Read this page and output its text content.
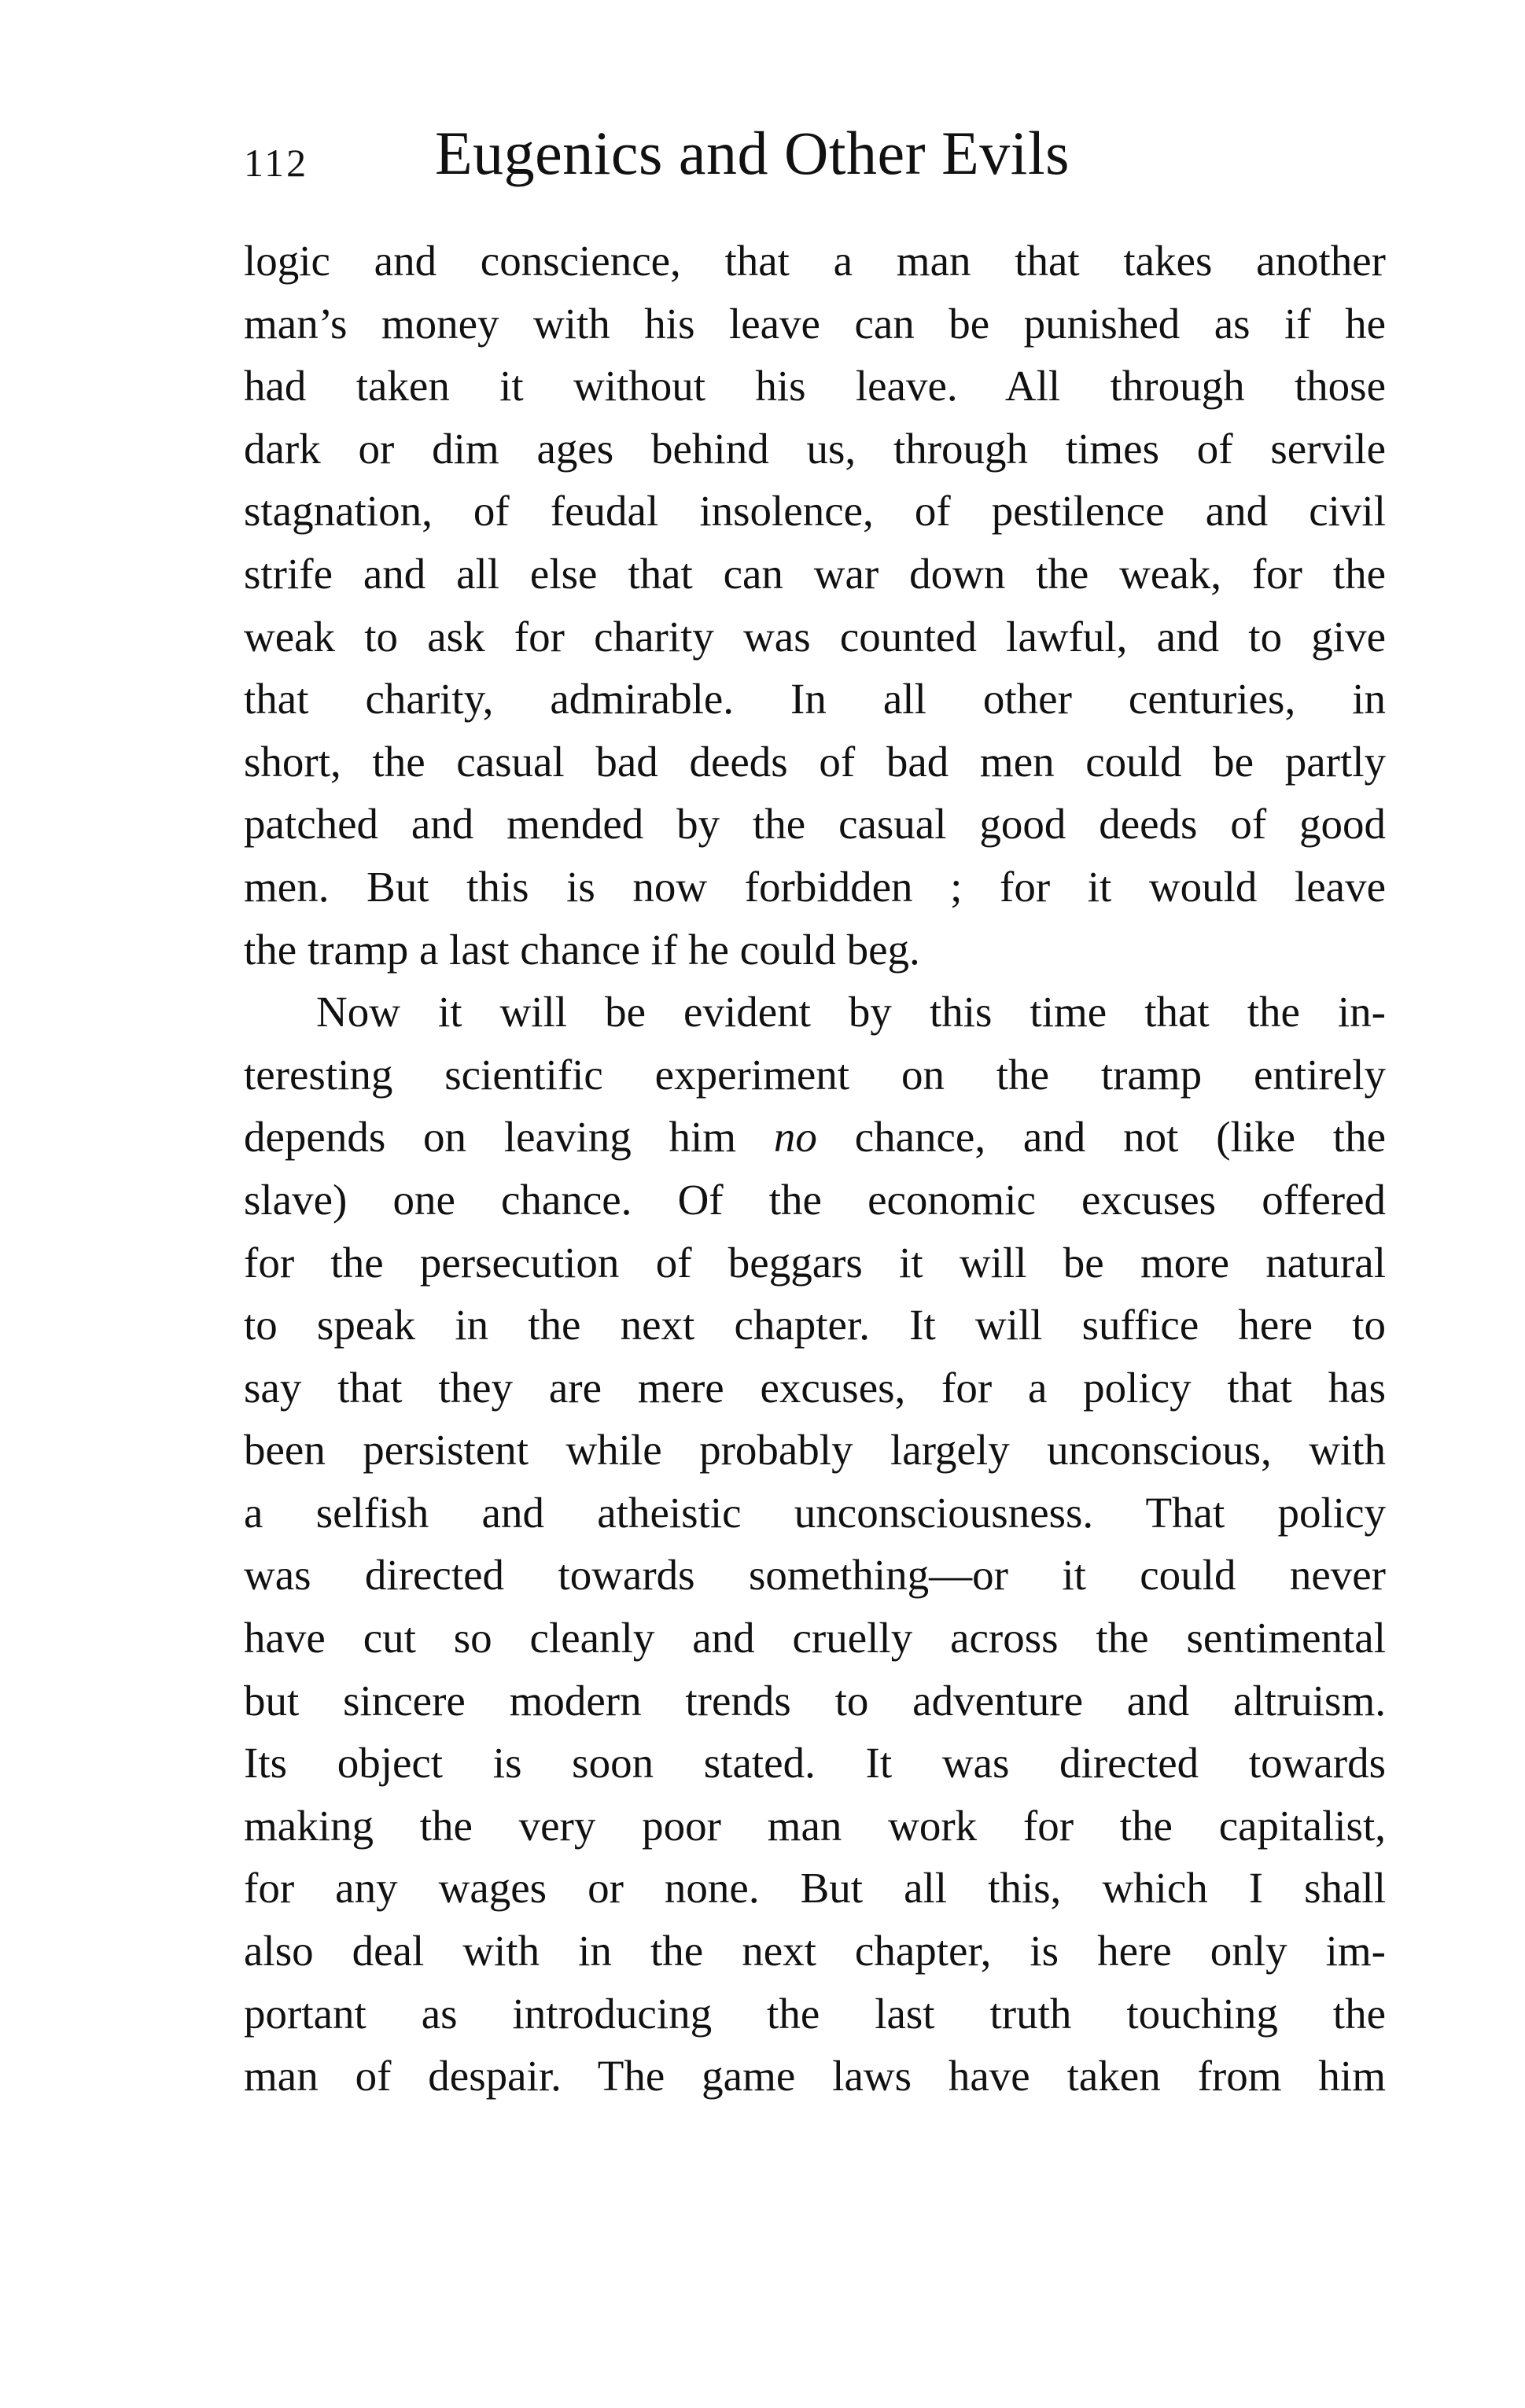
112 Eugenics and Other Evils
logic and conscience, that a man that takes another
man’s money with his leave can be punished as if he
had taken it without his leave. All through those
dark or dim ages behind us, through times of servile
stagnation, of feudal insolence, of pestilence and civil
strife and all else that can war down the weak, for the
weak to ask for charity was counted lawful, and to give
that charity, admirable. In all other centuries, in
short, the casual bad deeds of bad men could be partly
patched and mended by the casual good deeds of good
men. But this is now forbidden ; for it would leave
the tramp a last chance if he could beg.
Now it will be evident by this time that the in-
teresting scientific experiment on the tramp entirely
depends on leaving him no chance, and not (like the
slave) one chance. Of the economic excuses offered
for the persecution of beggars it will be more natural
to speak in the next chapter. It will suffice here to
say that they are mere excuses, for a policy that has
been persistent while probably largely unconscious, with
a selfish and atheistic unconsciousness. That policy
was directed towards something—or it could never
have cut so cleanly and cruelly across the sentimental
but sincere modern trends to adventure and altruism.
Its object is soon stated. It was directed towards
making the very poor man work for the capitalist,
for any wages or none. But all this, which I shall
also deal with in the next chapter, is here only im-
portant as introducing the last truth touching the
man of despair. The game laws have taken from him
